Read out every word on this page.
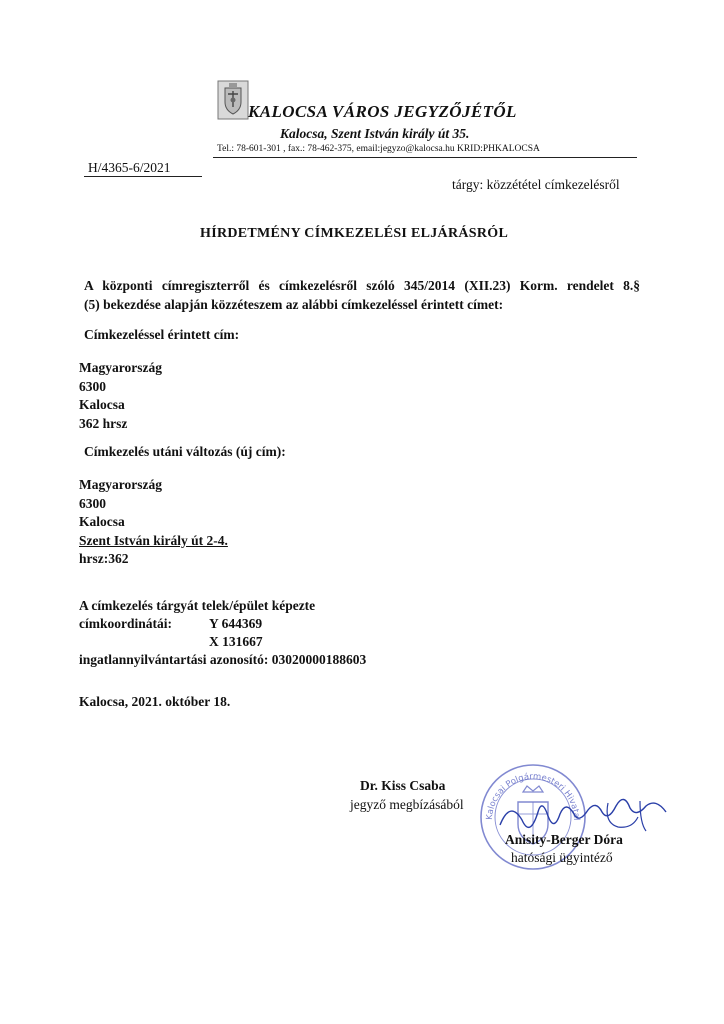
KALOCSA VÁROS JEGYZŐJÉTŐL
Kalocsa, Szent István király út 35.
Tel.: 78-601-301 , fax.: 78-462-375, email:jegyzo@kalocsa.hu KRID:PHKALOCSA
H/4365-6/2021
tárgy: közzététel címkezelésről
HÍRDETMÉNY CÍMKEZELÉSI ELJÁRÁSRÓL
A központi címregiszterről és címkezelésről szóló 345/2014 (XII.23) Korm. rendelet 8.§
(5) bekezdése alapján közzéteszem az alábbi címkezeléssel érintett címet:
Címkezeléssel érintett cím:
Magyarország
6300
Kalocsa
362 hrsz
Címkezelés utáni változás (új cím):
Magyarország
6300
Kalocsa
Szent István király út 2-4.
hrsz:362
A címkezelés tárgyát telek/épület képezte
címkoordinátái:	Y 644369
X 131667
ingatlannyilvántartási azonosító: 03020000188603
Kalocsa, 2021. október 18.
Dr. Kiss Csaba
jegyző megbízásából
Kalocsai Polgármesteri Hivatal
Anisity-Berger Dóra
hatósági ügyintéző
